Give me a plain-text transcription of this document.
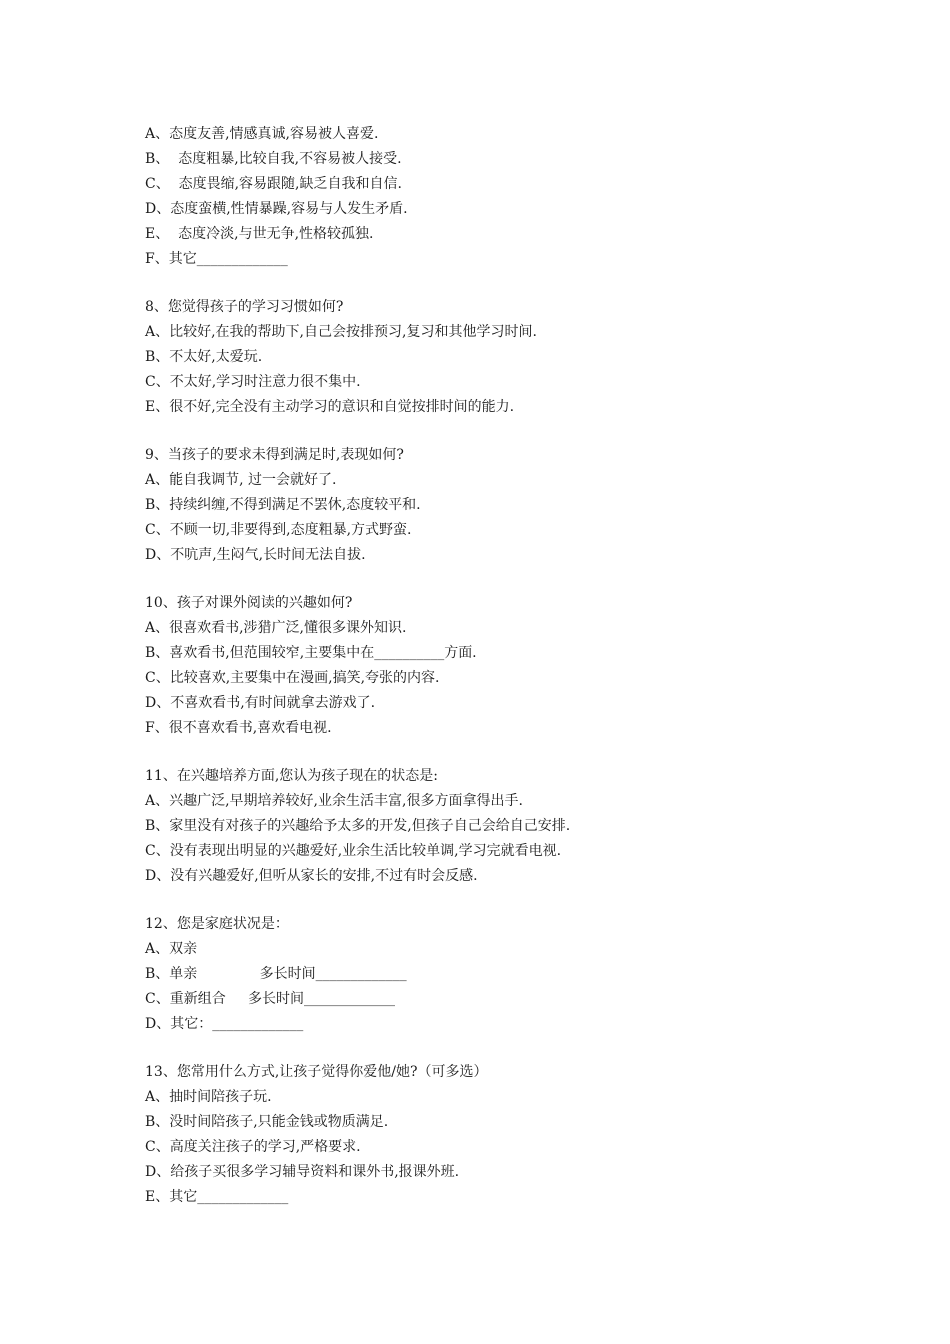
A、态度友善,情感真诚,容易被人喜爱.
B、  态度粗暴,比较自我,不容易被人接受.
C、  态度畏缩,容易跟随,缺乏自我和自信.
D、态度蛮横,性情暴躁,容易与人发生矛盾.
E、  态度冷淡,与世无争,性格较孤独.
F、其它_____________
8、您觉得孩子的学习习惯如何?
A、比较好,在我的帮助下,自己会按排预习,复习和其他学习时间.
B、不太好,太爱玩.
C、不太好,学习时注意力很不集中.
E、很不好,完全没有主动学习的意识和自觉按排时间的能力.
9、当孩子的要求未得到满足时,表现如何?
A、能自我调节, 过一会就好了.
B、持续纠缠,不得到满足不罢休,态度较平和.
C、不顾一切,非要得到,态度粗暴,方式野蛮.
D、不吭声,生闷气,长时间无法自拔.
10、孩子对课外阅读的兴趣如何?
A、很喜欢看书,涉猎广泛,懂很多课外知识.
B、喜欢看书,但范围较窄,主要集中在__________方面.
C、比较喜欢,主要集中在漫画,搞笑,夸张的内容.
D、不喜欢看书,有时间就拿去游戏了.
F、很不喜欢看书,喜欢看电视.
11、在兴趣培养方面,您认为孩子现在的状态是:
A、兴趣广泛,早期培养较好,业余生活丰富,很多方面拿得出手.
B、家里没有对孩子的兴趣给予太多的开发,但孩子自己会给自己安排.
C、没有表现出明显的兴趣爱好,业余生活比较单调,学习完就看电视.
D、没有兴趣爱好,但听从家长的安排,不过有时会反感.
12、您是家庭状况是：
A、双亲
B、单亲              多长时间_____________
C、重新组合     多长时间_____________
D、其它：_____________
13、您常用什么方式,让孩子觉得你爱他/她?（可多选）
A、抽时间陪孩子玩.
B、没时间陪孩子,只能金钱或物质满足.
C、高度关注孩子的学习,严格要求.
D、给孩子买很多学习辅导资料和课外书,报课外班.
E、其它_____________
